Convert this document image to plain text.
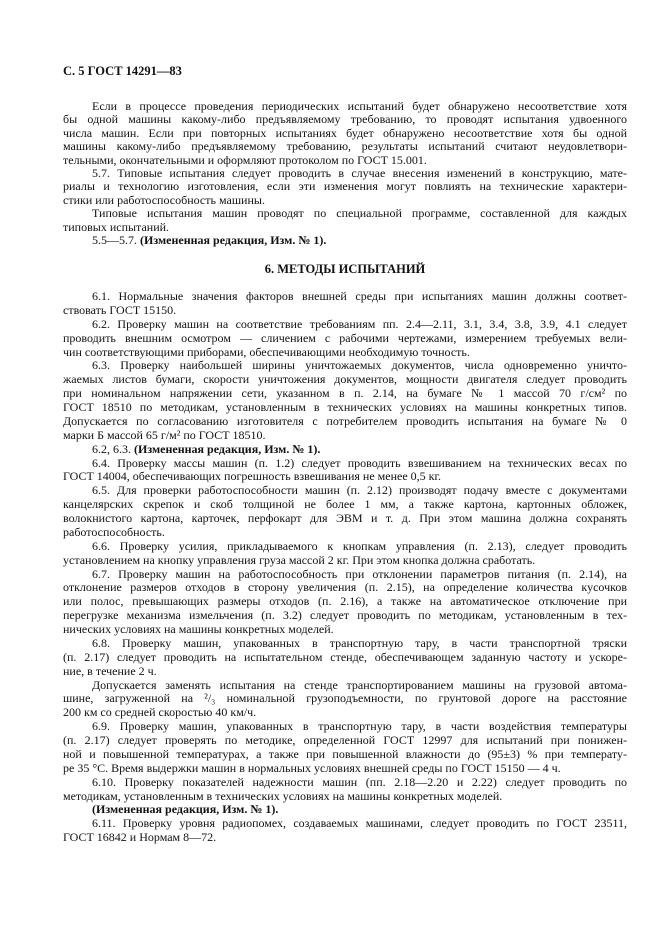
С. 5 ГОСТ 14291—83
Если в процессе проведения периодических испытаний будет обнаружено несоответствие хотя
бы одной машины какому-либо предъявляемому требованию, то проводят испытания удвоенного
числа машин. Если при повторных испытаниях будет обнаружено несоответствие хотя бы одной
машины какому-либо предъявляемому требованию, результаты испытаний считают неудовлетвори-
тельными, окончательными и оформляют протоколом по ГОСТ 15.001.
5.7. Типовые испытания следует проводить в случае внесения изменений в конструкцию, мате-
риалы и технологию изготовления, если эти изменения могут повлиять на технические характери-
стики или работоспособность машины.
Типовые испытания машин проводят по специальной программе, составленной для каждых
типовых испытаний.
5.5—5.7. (Измененная редакция, Изм. № 1).
6. МЕТОДЫ ИСПЫТАНИЙ
6.1. Нормальные значения факторов внешней среды при испытаниях машин должны соответ-
ствовать ГОСТ 15150.
6.2. Проверку машин на соответствие требованиям пп. 2.4—2.11, 3.1, 3.4, 3.8, 3.9, 4.1 следует
проводить внешним осмотром — сличением с рабочими чертежами, измерением требуемых вели-
чин соответствующими приборами, обеспечивающими необходимую точность.
6.3. Проверку наибольшей ширины уничтожаемых документов, числа одновременно уничто-
жаемых листов бумаги, скорости уничтожения документов, мощности двигателя следует проводить
при номинальном напряжении сети, указанном в п. 2.14, на бумаге № 1 массой 70 г/см² по
ГОСТ 18510 по методикам, установленным в технических условиях на машины конкретных типов.
Допускается по согласованию изготовителя с потребителем проводить испытания на бумаге № 0
марки Б массой 65 г/м² по ГОСТ 18510.
6.2, 6.3. (Измененная редакция, Изм. № 1).
6.4. Проверку массы машин (п. 1.2) следует проводить взвешиванием на технических весах по
ГОСТ 14004, обеспечивающих погрешность взвешивания не менее 0,5 кг.
6.5. Для проверки работоспособности машин (п. 2.12) производят подачу вместе с документами
канцелярских скрепок и скоб толщиной не более 1 мм, а также картона, картонных обложек,
волокнистого картона, карточек, перфокарт для ЭВМ и т. д. При этом машина должна сохранять
работоспособность.
6.6. Проверку усилия, прикладываемого к кнопкам управления (п. 2.13), следует проводить
установлением на кнопку управления груза массой 2 кг. При этом кнопка должна сработать.
6.7. Проверку машин на работоспособность при отклонении параметров питания (п. 2.14), на
отклонение размеров отходов в сторону увеличения (п. 2.15), на определение количества кусочков
или полос, превышающих размеры отходов (п. 2.16), а также на автоматическое отключение при
перегрузке механизма измельчения (п. 3.2) следует проводить по методикам, установленным в тех-
нических условиях на машины конкретных моделей.
6.8. Проверку машин, упакованных в транспортную тару, в части транспортной тряски
(п. 2.17) следует проводить на испытательном стенде, обеспечивающем заданную частоту и ускоре-
ние, в течение 2 ч.
Допускается заменять испытания на стенде транспортированием машины на грузовой автома-
шине, загруженной на ²/₃ номинальной грузоподъемности, по грунтовой дороге на расстояние
200 км со средней скоростью 40 км/ч.
6.9. Проверку машин, упакованных в транспортную тару, в части воздействия температуры
(п. 2.17) следует проверять по методике, определенной ГОСТ 12997 для испытаний при понижен-
ной и повышенной температурах, а также при повышенной влажности до (95±3) % при температу-
ре 35 °С. Время выдержки машин в нормальных условиях внешней среды по ГОСТ 15150 — 4 ч.
6.10. Проверку показателей надежности машин (пп. 2.18—2.20 и 2.22) следует проводить по
методикам, установленным в технических условиях на машины конкретных моделей.
(Измененная редакция, Изм. № 1).
6.11. Проверку уровня радиопомех, создаваемых машинами, следует проводить по ГОСТ 23511,
ГОСТ 16842 и Нормам 8—72.
